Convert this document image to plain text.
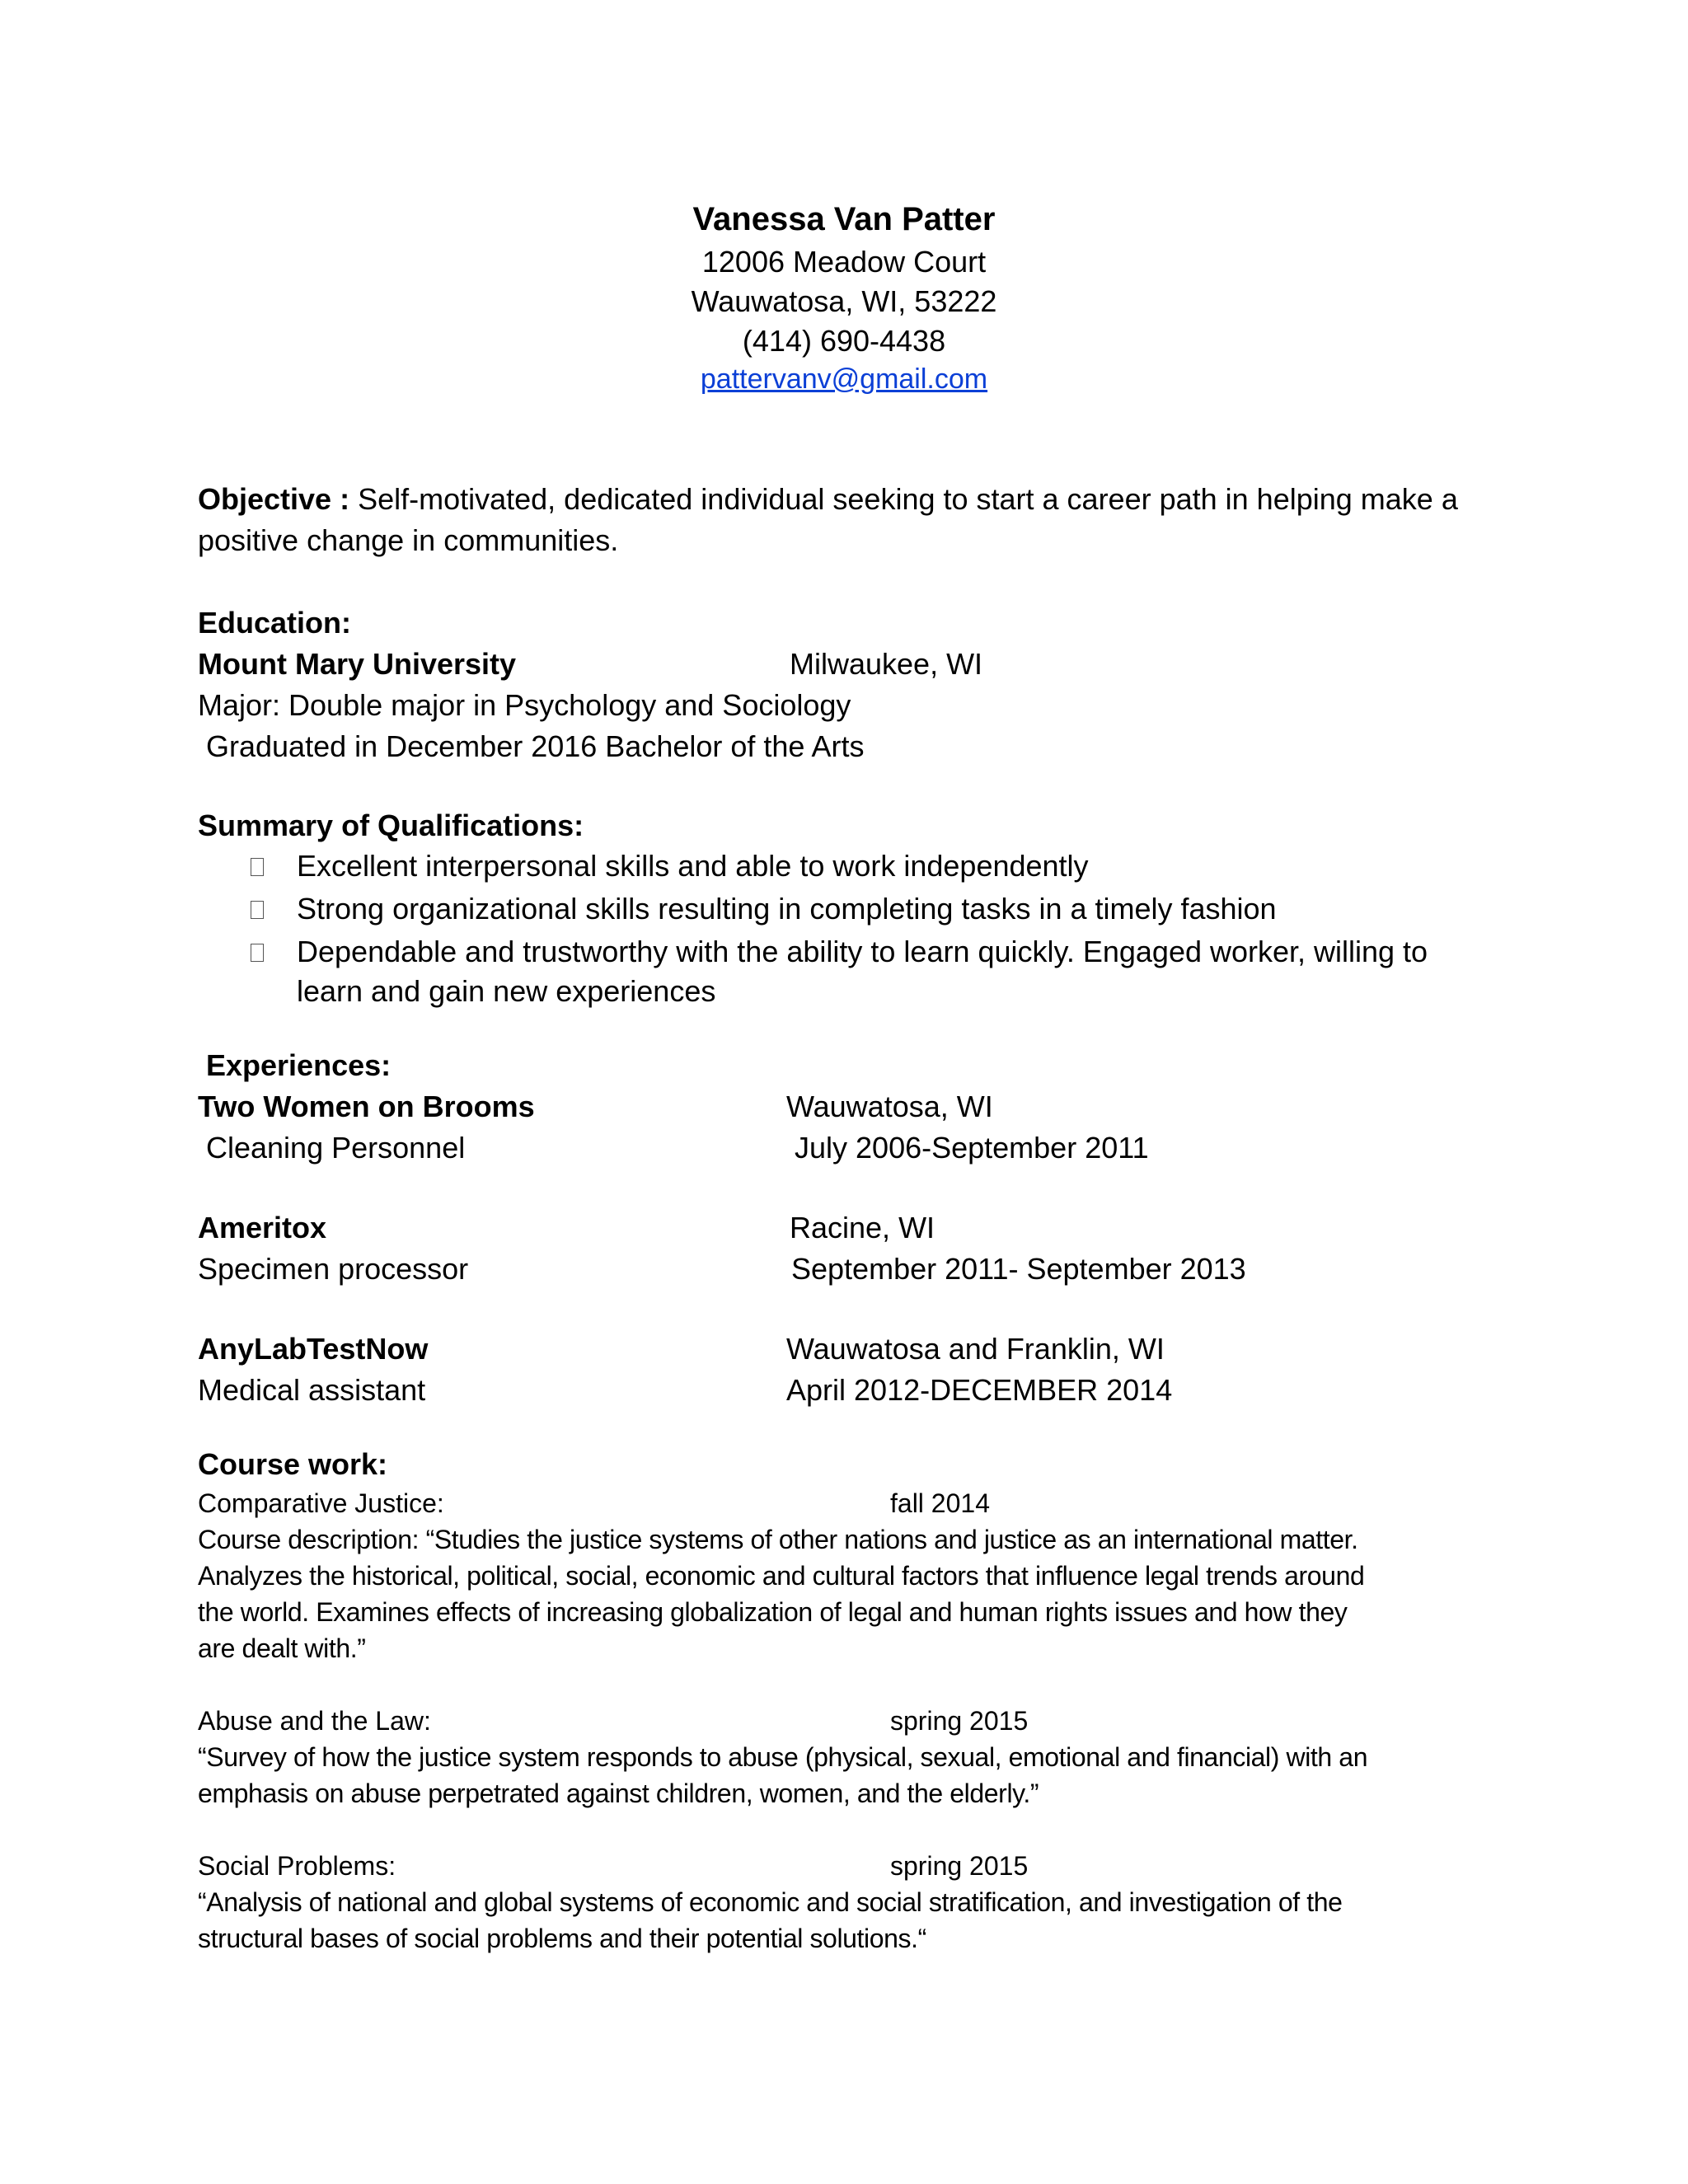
Vanessa Van Patter
12006 Meadow Court
Wauwatosa, WI, 53222
(414) 690-4438
pattervanv@gmail.com
Objective : Self-motivated, dedicated individual seeking to start a career path in helping make a positive change in communities.
Education:
Mount Mary University	Milwaukee, WI
Major: Double major in Psychology and Sociology
Graduated in December 2016 Bachelor of the Arts
Summary of Qualifications:
Excellent interpersonal skills and able to work independently
Strong organizational skills resulting in completing tasks in a timely fashion
Dependable and trustworthy with the ability to learn quickly. Engaged worker, willing to learn and gain new experiences
Experiences:
Two Women on Brooms	Wauwatosa, WI
Cleaning Personnel	July 2006-September 2011
Ameritox	Racine, WI
Specimen processor	September 2011- September 2013
AnyLabTestNow	Wauwatosa and Franklin, WI
Medical assistant	April 2012-DECEMBER 2014
Course work:
Comparative Justice:	fall 2014
Course description: “Studies the justice systems of other nations and justice as an international matter.
Analyzes the historical, political, social, economic and cultural factors that influence legal trends around
the world. Examines effects of increasing globalization of legal and human rights issues and how they
are dealt with.”
Abuse and the Law:	spring 2015
“Survey of how the justice system responds to abuse (physical, sexual, emotional and financial) with an
emphasis on abuse perpetrated against children, women, and the elderly.”
Social Problems:	spring 2015
“Analysis of national and global systems of economic and social stratification, and investigation of the
structural bases of social problems and their potential solutions.“
